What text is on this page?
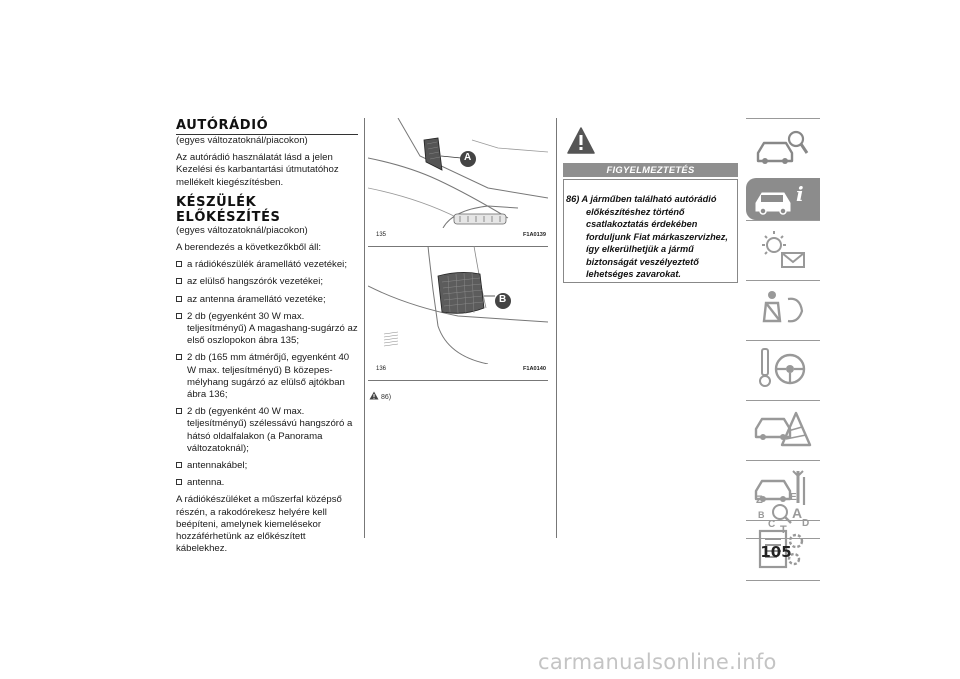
AUTÓRÁDIÓ
(egyes változatoknál/piacokon)

Az autórádió használatát lásd a jelen Kezelési és karbantartási útmutatóhoz mellékelt kiegészítésben.

KÉSZÜLÉK ELŐKÉSZÍTÉS
(egyes változatoknál/piacokon)

A berendezés a következőkből áll:

a rádiókészülék áramellátó vezetékei;
az elülső hangszórók vezetékei;
az antenna áramellátó vezetéke;
2 db (egyenként 30 W max. teljesítményű) A magashang-sugárzó az első oszlopokon ábra 135;
2 db (165 mm átmérőjű, egyenként 40 W max. teljesítményű) B közepes-mélyhang sugárzó az elülső ajtókban ábra 136;
2 db (egyenként 40 W max. teljesítményű) szélessávú hangszóró a hátsó oldalfalakon (a Panorama változatoknál);
antennakábel;
antenna.

A rádiókészüléket a műszerfal középső részén, a rakodórekesz helyére kell beépíteni, amelynek kiemelésekor hozzáférhetünk az előkészített kábelekhez.

A
135	F1A0139
B
136	F1A0140
86)
FIGYELMEZTETÉS
86) A járműben található autórádió
előkészítéshez történő
csatlakoztatás érdekében
forduljunk Fiat márkaszervizhez,
így elkerülhetjük a jármű
biztonságát veszélyeztető
lehetséges zavarokat.
i
Z	E
B A
C T
D
105
carmanualsonline.info
